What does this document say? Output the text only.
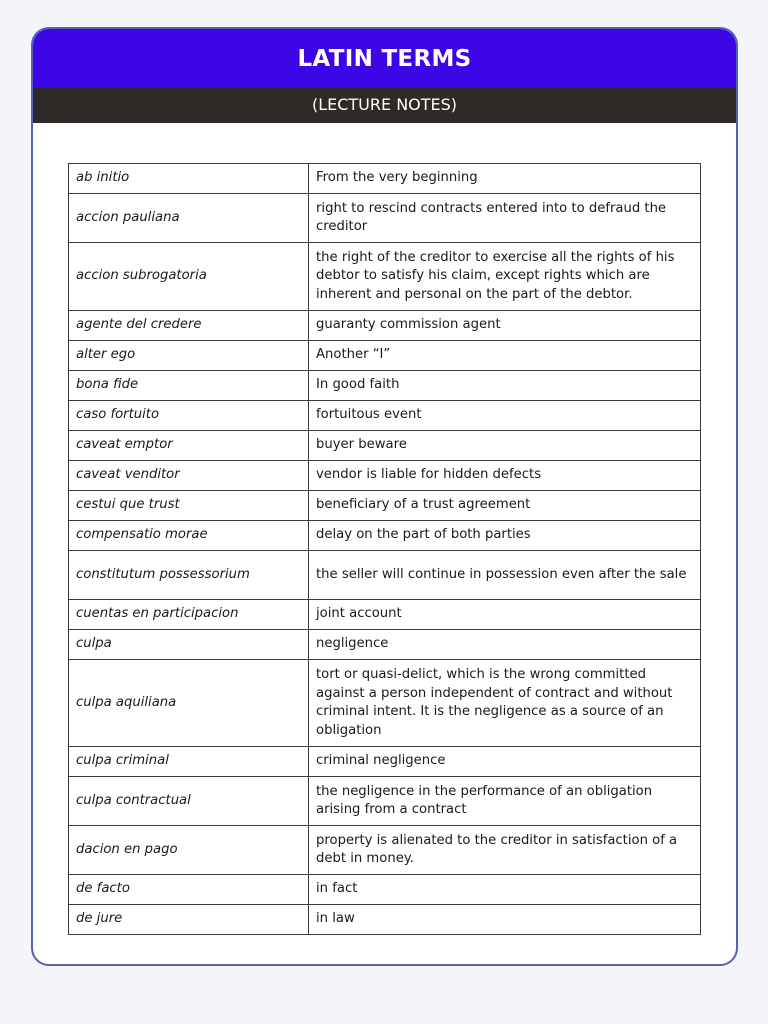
LATIN TERMS
(LECTURE NOTES)
ab initio	From the very beginning
accion pauliana	right to rescind contracts entered into to defraud the creditor
accion subrogatoria	the right of the creditor to exercise all the rights of his debtor to satisfy his claim, except rights which are inherent and personal on the part of the debtor.
agente del credere	guaranty commission agent
alter ego	Another “I”
bona fide	In good faith
caso fortuito	fortuitous event
caveat emptor	buyer beware
caveat venditor	vendor is liable for hidden defects
cestui que trust	beneficiary of a trust agreement
compensatio morae	delay on the part of both parties
constitutum possessorium	the seller will continue in possession even after the sale
cuentas en participacion	joint account
culpa	negligence
culpa aquiliana	tort or quasi-delict, which is the wrong committed against a person independent of contract and without criminal intent. It is the negligence as a source of an obligation
culpa criminal	criminal negligence
culpa contractual	the negligence in the performance of an obligation arising from a contract
dacion en pago	property is alienated to the creditor in satisfaction of a debt in money.
de facto	in fact
de jure	in law
